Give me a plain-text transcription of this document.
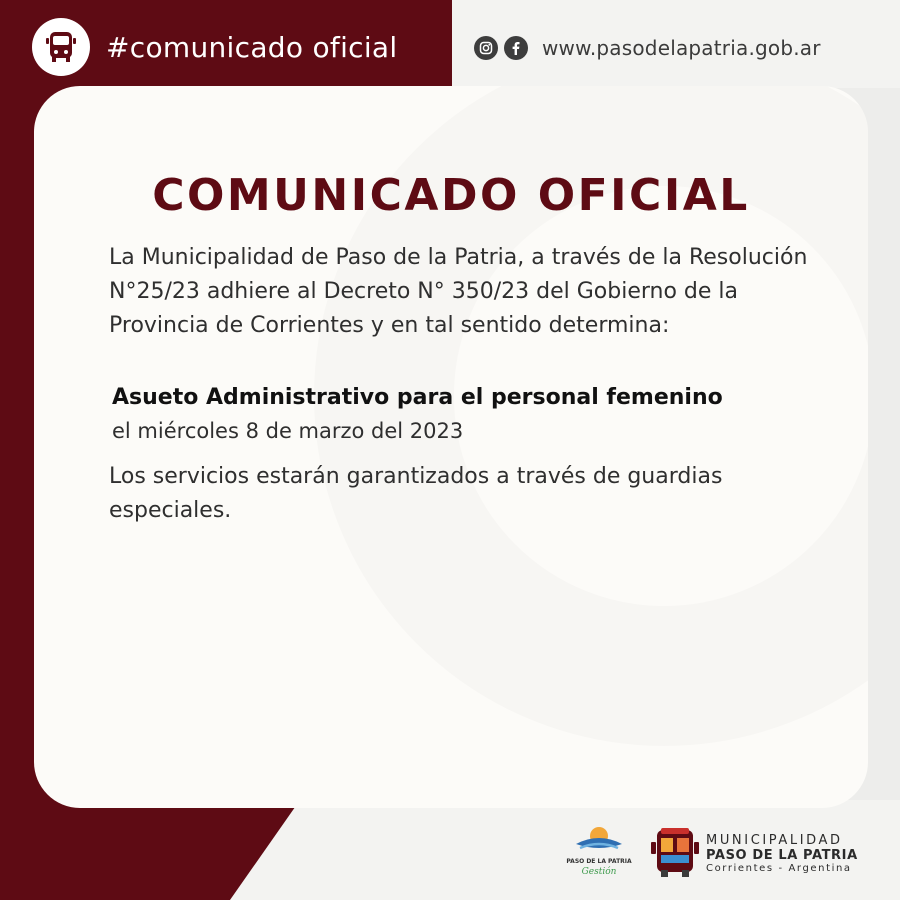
#comunicado oficial	www.pasodelapatria.gob.ar
COMUNICADO OFICIAL
La Municipalidad de Paso de la Patria, a través de la Resolución N°25/23 adhiere al Decreto N° 350/23 del Gobierno de la Provincia de Corrientes y en tal sentido determina:
Asueto Administrativo para el personal femenino
el miércoles 8 de marzo del 2023
Los servicios estarán garantizados a través de guardias especiales.
PASO DE LA PATRIA
Gestión
MUNICIPALIDAD
PASO DE LA PATRIA
Corrientes - Argentina
